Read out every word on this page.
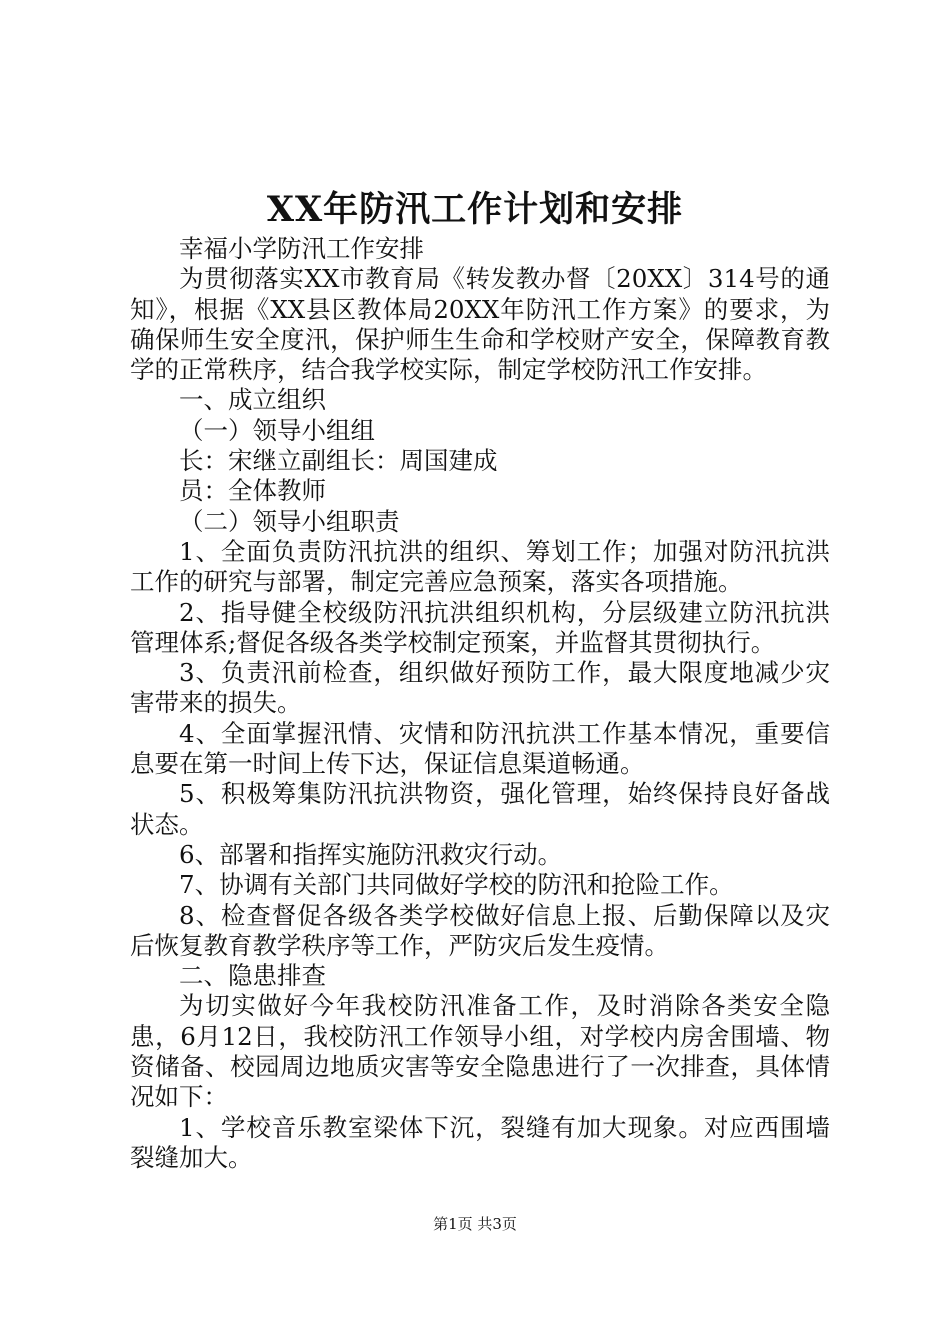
XX年防汛工作计划和安排

幸福小学防汛工作安排

为贯彻落实XX市教育局《转发教办督〔20XX〕314号的通知》，根据《XX县区教体局20XX年防汛工作方案》的要求，为确保师生安全度汛，保护师生生命和学校财产安全，保障教育教学的正常秩序，结合我学校实际，制定学校防汛工作安排。

一、成立组织

（一）领导小组组

长：宋继立副组长：周国建成

员：全体教师

（二）领导小组职责

1、全面负责防汛抗洪的组织、筹划工作；加强对防汛抗洪工作的研究与部署，制定完善应急预案，落实各项措施。

2、指导健全校级防汛抗洪组织机构，分层级建立防汛抗洪管理体系;督促各级各类学校制定预案，并监督其贯彻执行。

3、负责汛前检查，组织做好预防工作，最大限度地减少灾害带来的损失。

4、全面掌握汛情、灾情和防汛抗洪工作基本情况，重要信息要在第一时间上传下达，保证信息渠道畅通。

5、积极筹集防汛抗洪物资，强化管理，始终保持良好备战状态。

6、部署和指挥实施防汛救灾行动。

7、协调有关部门共同做好学校的防汛和抢险工作。

8、检查督促各级各类学校做好信息上报、后勤保障以及灾后恢复教育教学秩序等工作，严防灾后发生疫情。

二、隐患排查

为切实做好今年我校防汛准备工作，及时消除各类安全隐患，6月12日，我校防汛工作领导小组，对学校内房舍围墙、物资储备、校园周边地质灾害等安全隐患进行了一次排查，具体情况如下：

1、学校音乐教室梁体下沉，裂缝有加大现象。对应西围墙裂缝加大。

第1页 共3页
